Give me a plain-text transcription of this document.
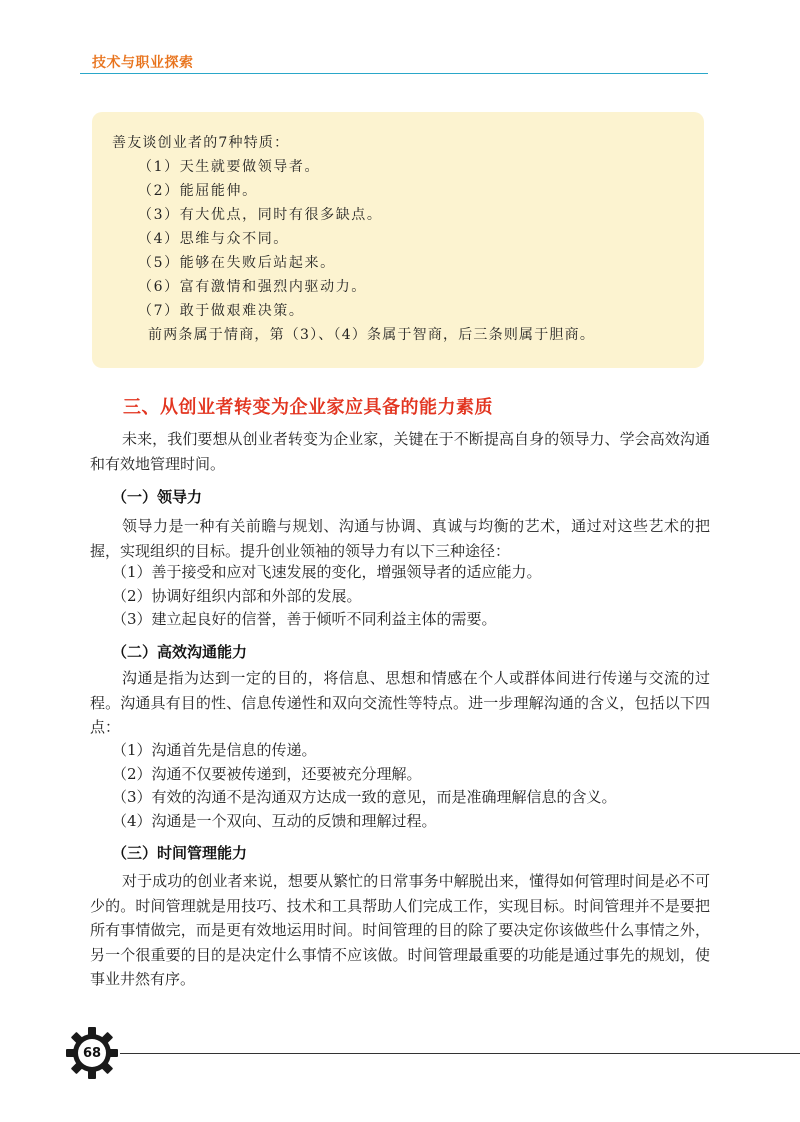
技术与职业探索
善友谈创业者的7种特质：
（1）天生就要做领导者。
（2）能屈能伸。
（3）有大优点，同时有很多缺点。
（4）思维与众不同。
（5）能够在失败后站起来。
（6）富有激情和强烈内驱动力。
（7）敢于做艰难决策。
前两条属于情商，第（3）、（4）条属于智商，后三条则属于胆商。
三、从创业者转变为企业家应具备的能力素质

未来，我们要想从创业者转变为企业家，关键在于不断提高自身的领导力、学会高效沟通和有效地管理时间。

（一）领导力

领导力是一种有关前瞻与规划、沟通与协调、真诚与均衡的艺术，通过对这些艺术的把握，实现组织的目标。提升创业领袖的领导力有以下三种途径：

（1）善于接受和应对飞速发展的变化，增强领导者的适应能力。
（2）协调好组织内部和外部的发展。
（3）建立起良好的信誉，善于倾听不同利益主体的需要。
（二）高效沟通能力

沟通是指为达到一定的目的，将信息、思想和情感在个人或群体间进行传递与交流的过程。沟通具有目的性、信息传递性和双向交流性等特点。进一步理解沟通的含义，包括以下四点：

（1）沟通首先是信息的传递。
（2）沟通不仅要被传递到，还要被充分理解。
（3）有效的沟通不是沟通双方达成一致的意见，而是准确理解信息的含义。
（4）沟通是一个双向、互动的反馈和理解过程。
（三）时间管理能力

对于成功的创业者来说，想要从繁忙的日常事务中解脱出来，懂得如何管理时间是必不可少的。时间管理就是用技巧、技术和工具帮助人们完成工作，实现目标。时间管理并不是要把所有事情做完，而是更有效地运用时间。时间管理的目的除了要决定你该做些什么事情之外，另一个很重要的目的是决定什么事情不应该做。时间管理最重要的功能是通过事先的规划，使事业井然有序。

68
